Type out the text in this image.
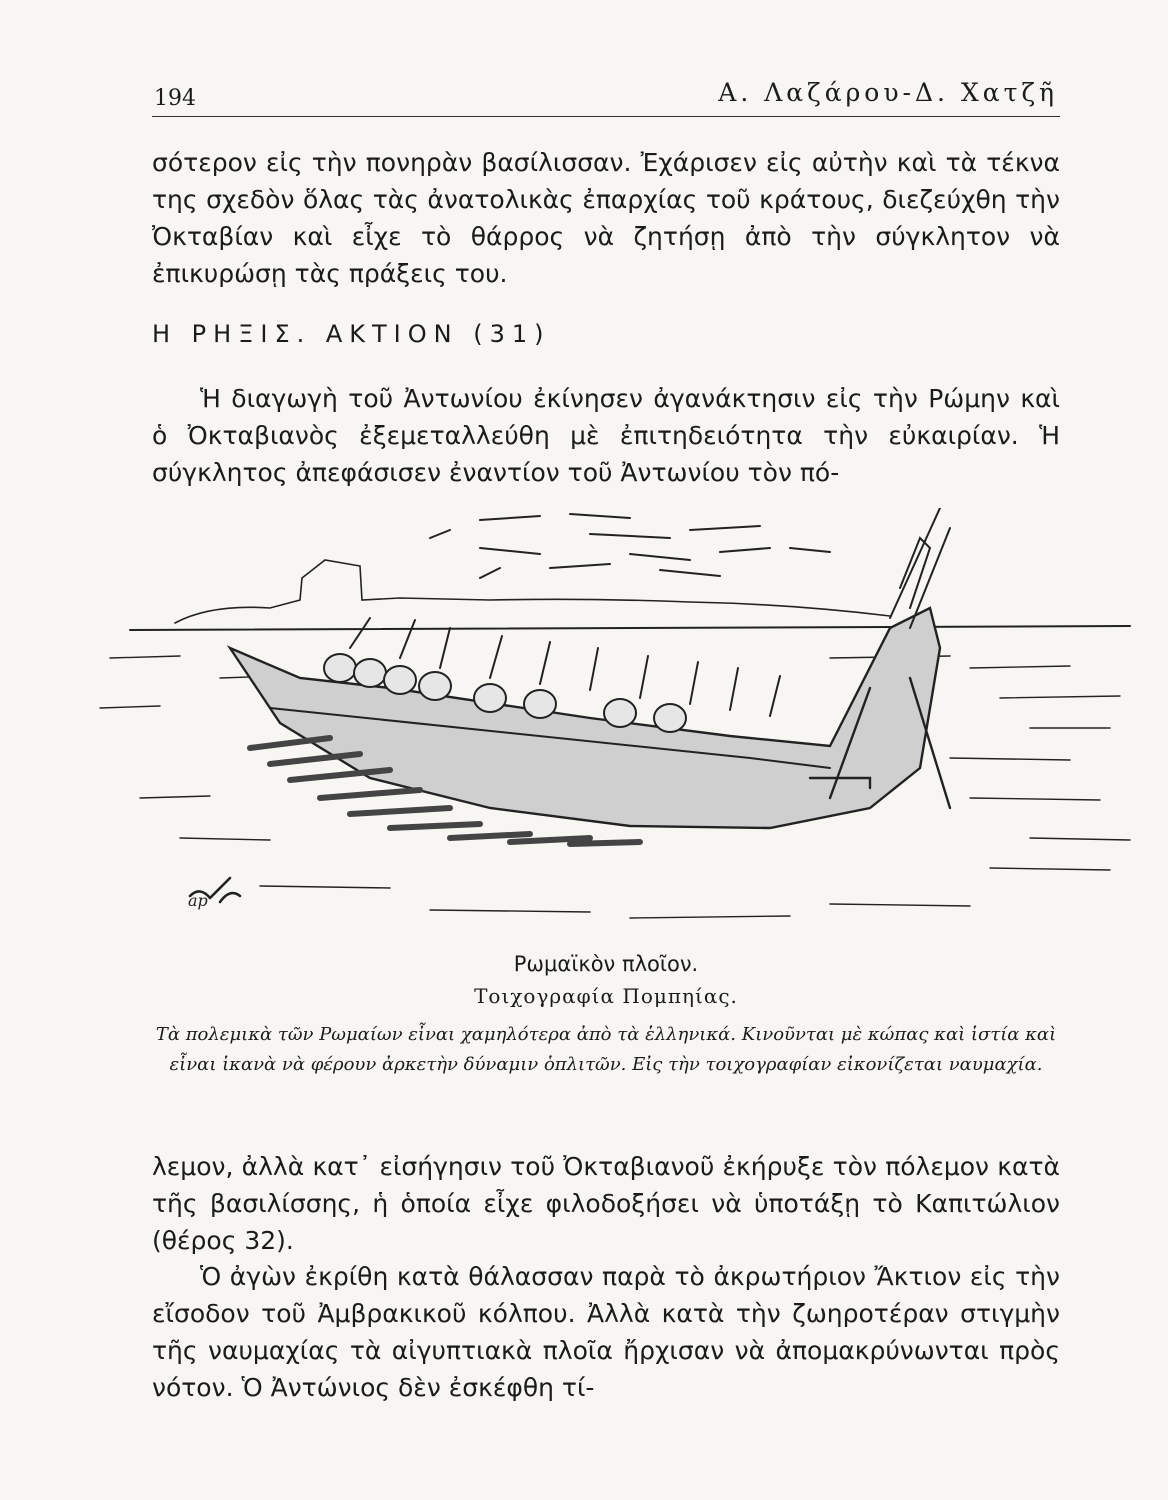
194	Α. Λαζάρου-Δ. Χατζῆ

σότερον εἰς τὴν πονηρὰν βασίλισσαν. Ἐχάρισεν εἰς αὐτὴν καὶ τὰ τέκνα της σχεδὸν ὅλας τὰς ἀνατολικὰς ἐπαρχίας τοῦ κράτους, διεζεύχθη τὴν Ὀκταβίαν καὶ εἶχε τὸ θάρρος νὰ ζητήσῃ ἀπὸ τὴν σύγκλητον νὰ ἐπικυρώσῃ τὰς πράξεις του.

Η ΡΗΞΙΣ. ΑΚΤΙΟΝ (31)

Ἡ διαγωγὴ τοῦ Ἀντωνίου ἐκίνησεν ἀγανάκτησιν εἰς τὴν Ρώμην καὶ ὁ Ὀκταβιανὸς ἐξεμεταλλεύθη μὲ ἐπιτηδειότητα τὴν εὐκαιρίαν. Ἡ σύγκλητος ἀπεφάσισεν ἐναντίον τοῦ Ἀντωνίου τὸν πό-

ap

Ρωμαϊκὸν πλοῖον.

Τοιχογραφία Πομπηίας.

Τὰ πολεμικὰ τῶν Ρωμαίων εἶναι χαμηλότερα ἀπὸ τὰ ἑλληνικά. Κινοῦνται μὲ κώπας καὶ ἱστία καὶ εἶναι ἱκανὰ νὰ φέρουν ἀρκετὴν δύναμιν ὁπλιτῶν. Εἰς τὴν τοιχογραφίαν εἰκονίζεται ναυμαχία.

λεμον, ἀλλὰ κατ᾿ εἰσήγησιν τοῦ Ὀκταβιανοῦ ἐκήρυξε τὸν πόλεμον κατὰ τῆς βασιλίσσης, ἡ ὁποία εἶχε φιλοδοξήσει νὰ ὑποτάξῃ τὸ Καπιτώλιον (θέρος 32).

Ὁ ἀγὼν ἐκρίθη κατὰ θάλασσαν παρὰ τὸ ἀκρωτήριον Ἄκτιον εἰς τὴν εἴσοδον τοῦ Ἀμβρακικοῦ κόλπου. Ἀλλὰ κατὰ τὴν ζωηροτέραν στιγμὴν τῆς ναυμαχίας τὰ αἰγυπτιακὰ πλοῖα ἤρχισαν νὰ ἀπομακρύνωνται πρὸς νότον. Ὁ Ἀντώνιος δὲν ἐσκέφθη τί-
